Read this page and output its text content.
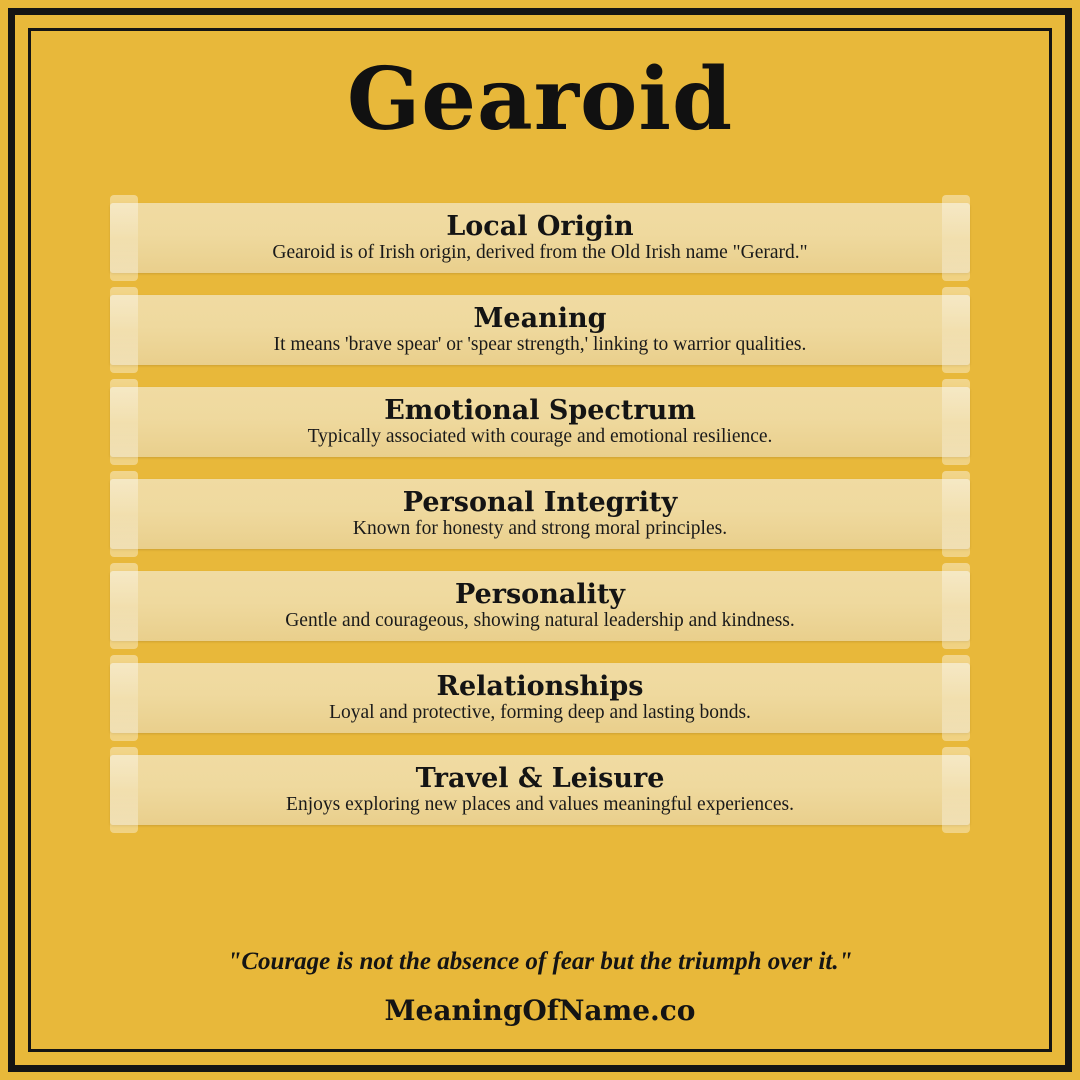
Gearoid
Local Origin
Gearoid is of Irish origin, derived from the Old Irish name "Gerard."
Meaning
It means 'brave spear' or 'spear strength,' linking to warrior qualities.
Emotional Spectrum
Typically associated with courage and emotional resilience.
Personal Integrity
Known for honesty and strong moral principles.
Personality
Gentle and courageous, showing natural leadership and kindness.
Relationships
Loyal and protective, forming deep and lasting bonds.
Travel & Leisure
Enjoys exploring new places and values meaningful experiences.
"Courage is not the absence of fear but the triumph over it."
MeaningOfName.co
